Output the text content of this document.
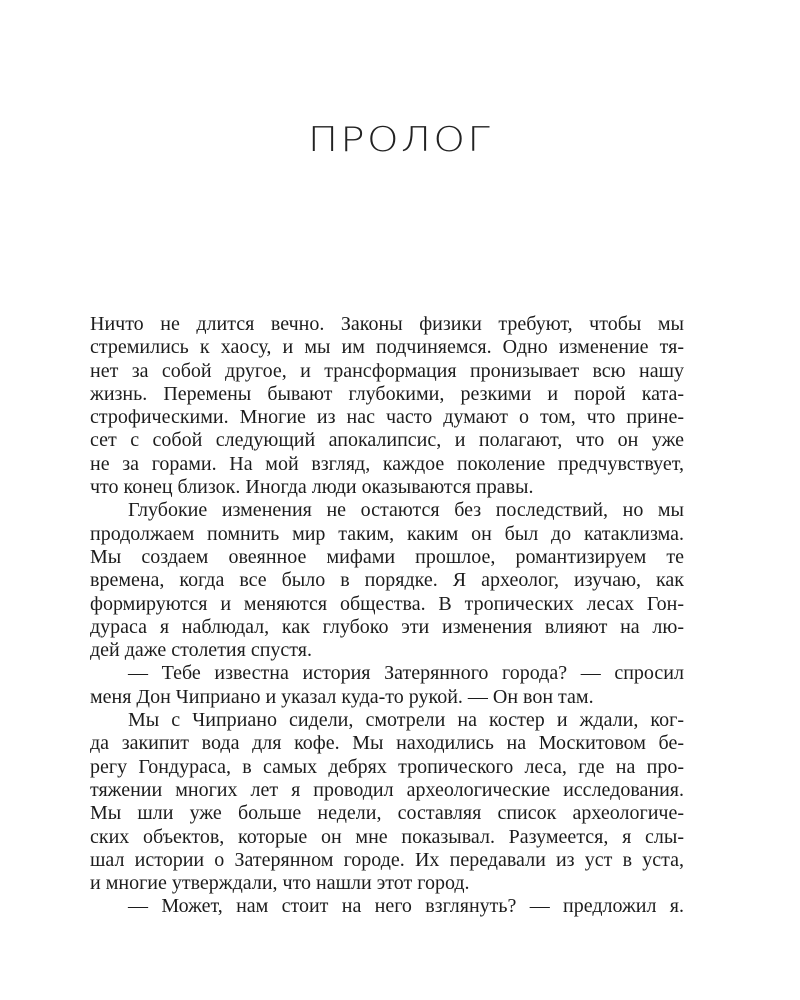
ПРОЛОГ
Ничто не длится вечно. Законы физики требуют, чтобы мы
стремились к хаосу, и мы им подчиняемся. Одно изменение тя-
нет за собой другое, и трансформация пронизывает всю нашу
жизнь. Перемены бывают глубокими, резкими и порой ката-
строфическими. Многие из нас часто думают о том, что прине-
сет с собой следующий апокалипсис, и полагают, что он уже
не за горами. На мой взгляд, каждое поколение предчувствует,
что конец близок. Иногда люди оказываются правы.
Глубокие изменения не остаются без последствий, но мы
продолжаем помнить мир таким, каким он был до катаклизма.
Мы создаем овеянное мифами прошлое, романтизируем те
времена, когда все было в порядке. Я археолог, изучаю, как
формируются и меняются общества. В тропических лесах Гон-
дураса я наблюдал, как глубоко эти изменения влияют на лю-
дей даже столетия спустя.
— Тебе известна история Затерянного города? — спросил
меня Дон Чиприано и указал куда-то рукой. — Он вон там.
Мы с Чиприано сидели, смотрели на костер и ждали, ког-
да закипит вода для кофе. Мы находились на Москитовом бе-
регу Гондураса, в самых дебрях тропического леса, где на про-
тяжении многих лет я проводил археологические исследования.
Мы шли уже больше недели, составляя список археологиче-
ских объектов, которые он мне показывал. Разумеется, я слы-
шал истории о Затерянном городе. Их передавали из уст в уста,
и многие утверждали, что нашли этот город.
— Может, нам стоит на него взглянуть? — предложил я.
